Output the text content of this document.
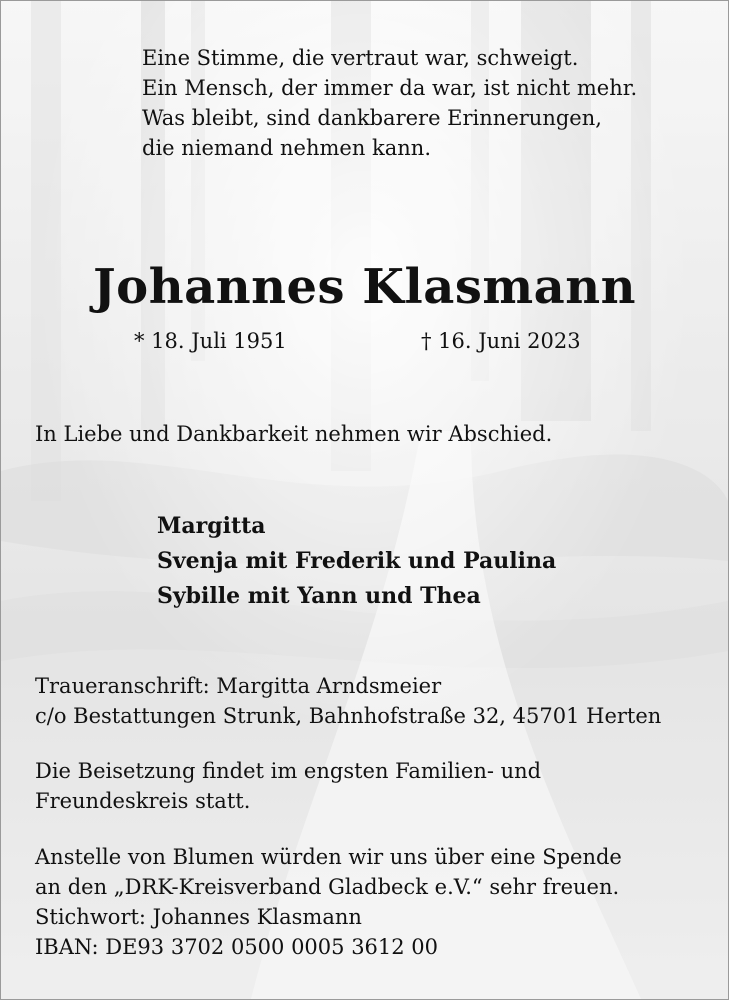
Eine Stimme, die vertraut war, schweigt.
Ein Mensch, der immer da war, ist nicht mehr.
Was bleibt, sind dankbarere Erinnerungen,
die niemand nehmen kann.
Johannes Klasmann
* 18. Juli 1951	† 16. Juni 2023
In Liebe und Dankbarkeit nehmen wir Abschied.
Margitta
Svenja mit Frederik und Paulina
Sybille mit Yann und Thea
Traueranschrift: Margitta Arndsmeier
c/o Bestattungen Strunk, Bahnhofstraße 32, 45701 Herten
Die Beisetzung findet im engsten Familien- und
Freundeskreis statt.
Anstelle von Blumen würden wir uns über eine Spende
an den „DRK-Kreisverband Gladbeck e.V.“ sehr freuen.
Stichwort: Johannes Klasmann
IBAN: DE93 3702 0500 0005 3612 00
